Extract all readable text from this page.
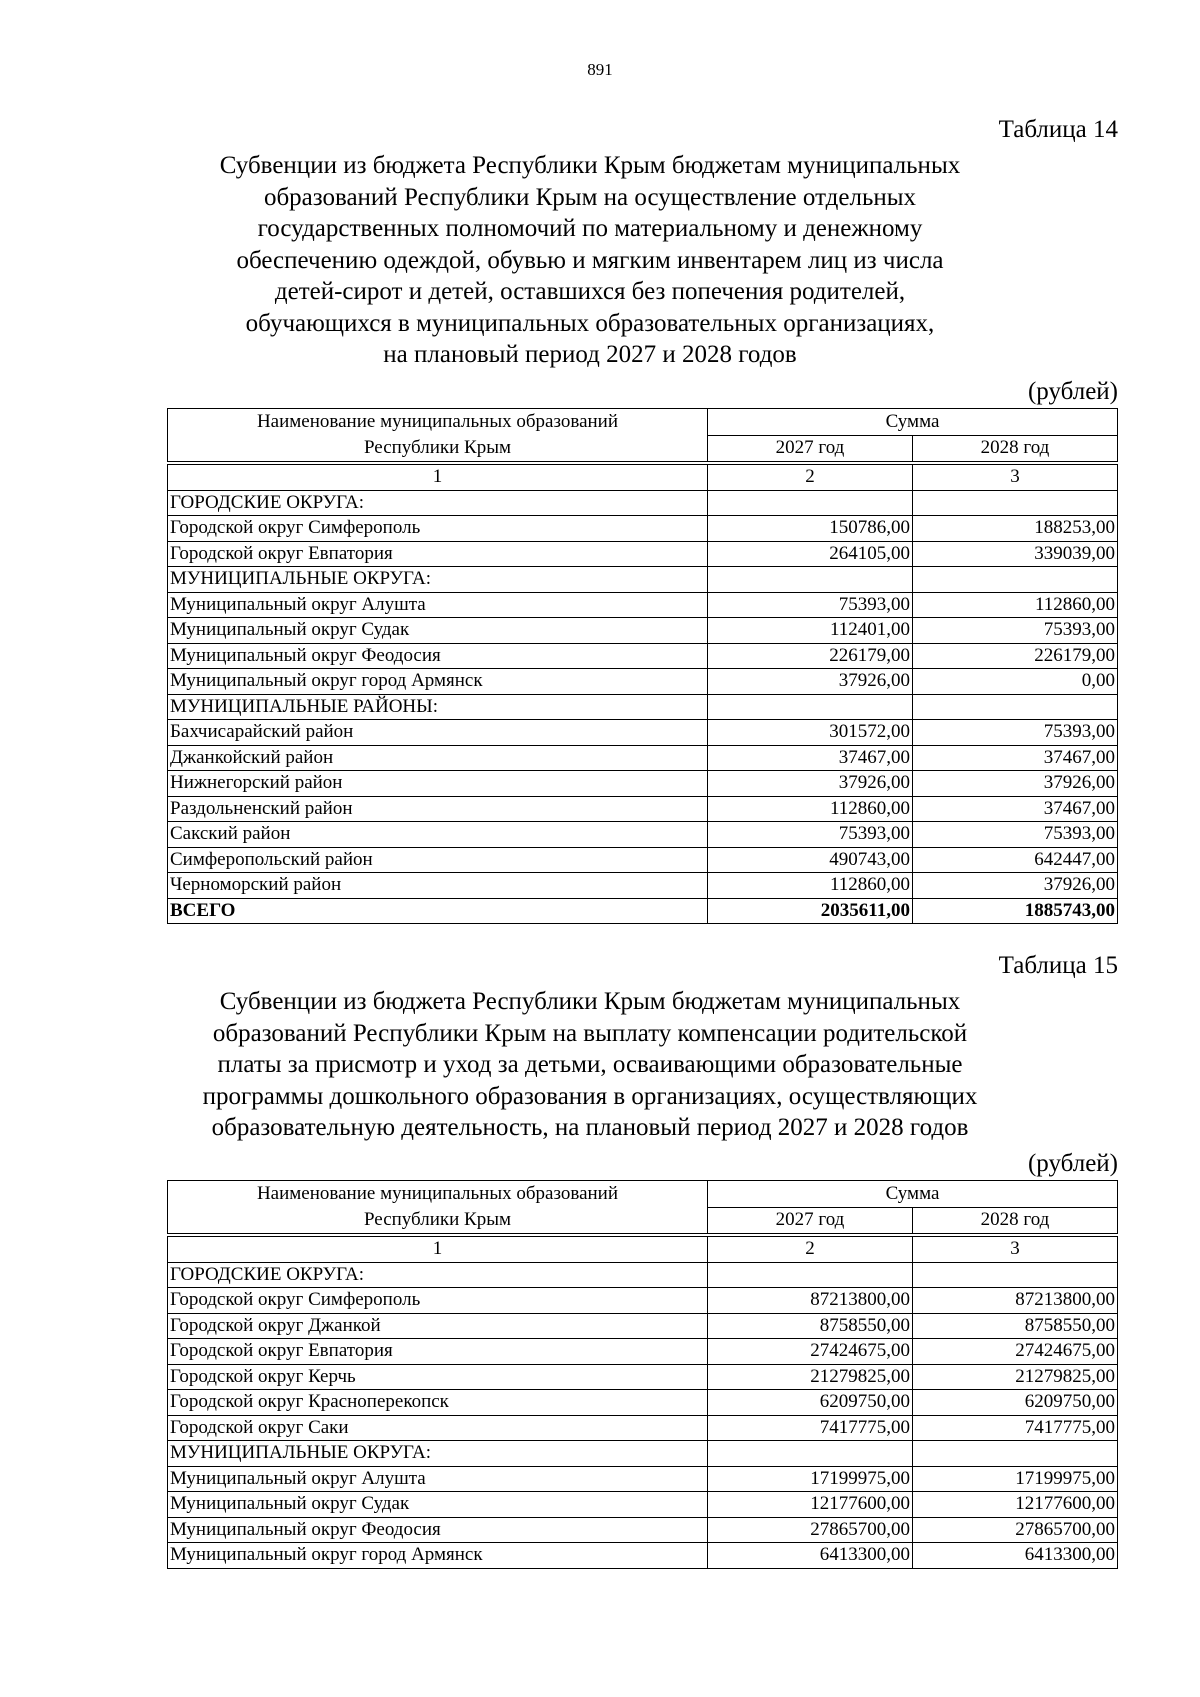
891
Таблица 14
Субвенции из бюджета Республики Крым бюджетам муниципальных
образований Республики Крым на осуществление отдельных
государственных полномочий по материальному и денежному
обеспечению одеждой, обувью и мягким инвентарем лиц из числа
детей-сирот и детей, оставшихся без попечения родителей,
обучающихся в муниципальных образовательных организациях,
на плановый период 2027 и 2028 годов
(рублей)
Наименование муниципальных образований
Республики Крым	Сумма	
	2027 год	2028 год

1	2	3
ГОРОДСКИЕ ОКРУГА:		
Городской округ Симферополь	150786,00	188253,00
Городской округ Евпатория	264105,00	339039,00
МУНИЦИПАЛЬНЫЕ ОКРУГА:		
Муниципальный округ Алушта	75393,00	112860,00
Муниципальный округ Судак	112401,00	75393,00
Муниципальный округ Феодосия	226179,00	226179,00
Муниципальный округ город Армянск	37926,00	0,00
МУНИЦИПАЛЬНЫЕ РАЙОНЫ:		
Бахчисарайский район	301572,00	75393,00
Джанкойский район	37467,00	37467,00
Нижнегорский район	37926,00	37926,00
Раздольненский район	112860,00	37467,00
Сакский район	75393,00	75393,00
Симферопольский район	490743,00	642447,00
Черноморский район	112860,00	37926,00
ВСЕГО	2035611,00	1885743,00
Таблица 15
Субвенции из бюджета Республики Крым бюджетам муниципальных
образований Республики Крым на выплату компенсации родительской
платы за присмотр и уход за детьми, осваивающими образовательные
программы дошкольного образования в организациях, осуществляющих
образовательную деятельность, на плановый период 2027 и 2028 годов
(рублей)
Наименование муниципальных образований
Республики Крым	Сумма	
	2027 год	2028 год

1	2	3
ГОРОДСКИЕ ОКРУГА:		
Городской округ Симферополь	87213800,00	87213800,00
Городской округ Джанкой	8758550,00	8758550,00
Городской округ Евпатория	27424675,00	27424675,00
Городской округ Керчь	21279825,00	21279825,00
Городской округ Красноперекопск	6209750,00	6209750,00
Городской округ Саки	7417775,00	7417775,00
МУНИЦИПАЛЬНЫЕ ОКРУГА:		
Муниципальный округ Алушта	17199975,00	17199975,00
Муниципальный округ Судак	12177600,00	12177600,00
Муниципальный округ Феодосия	27865700,00	27865700,00
Муниципальный округ город Армянск	6413300,00	6413300,00
